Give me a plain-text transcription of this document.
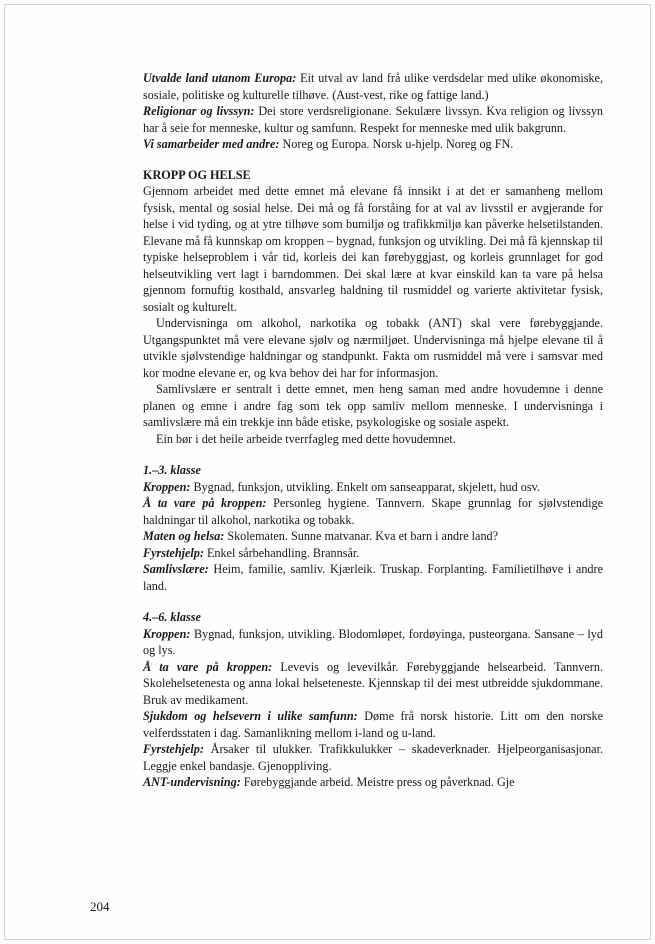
Utvalde land utanom Europa: Eit utval av land frå ulike verdsdelar med ulike økonomiske, sosiale, politiske og kulturelle tilhøve. (Aust-vest, rike og fattige land.)

Religionar og livssyn: Dei store verdsreligionane. Sekulære livssyn. Kva religion og livssyn har å seie for menneske, kultur og samfunn. Respekt for menneske med ulik bakgrunn.

Vi samarbeider med andre: Noreg og Europa. Norsk u-hjelp. Noreg og FN.

KROPP OG HELSE

Gjennom arbeidet med dette emnet må elevane få innsikt i at det er samanheng mellom fysisk, mental og sosial helse. Dei må og få forståing for at val av livsstil er avgjerande for helse i vid tyding, og at ytre tilhøve som bumiljø og trafikkmiljø kan påverke helsetilstanden. Elevane må få kunnskap om kroppen – bygnad, funksjon og utvikling. Dei må få kjennskap til typiske helseproblem i vår tid, korleis dei kan førebyggjast, og korleis grunnlaget for god helseutvikling vert lagt i barndommen. Dei skal lære at kvar einskild kan ta vare på helsa gjennom fornuftig kosthald, ansvarleg haldning til rusmiddel og varierte aktivitetar fysisk, sosialt og kulturelt.

Undervisninga om alkohol, narkotika og tobakk (ANT) skal vere førebyggjande. Utgangspunktet må vere elevane sjølv og nærmiljøet. Undervisninga må hjelpe elevane til å utvikle sjølvstendige haldningar og standpunkt. Fakta om rusmiddel må vere i samsvar med kor modne elevane er, og kva behov dei har for informasjon.

Samlivslære er sentralt i dette emnet, men heng saman med andre hovudemne i denne planen og emne i andre fag som tek opp samliv mellom menneske. I undervisninga i samlivslære må ein trekkje inn både etiske, psykologiske og sosiale aspekt.

Ein bør i det heile arbeide tverrfagleg med dette hovudemnet.

1.–3. klasse

Kroppen: Bygnad, funksjon, utvikling. Enkelt om sanseapparat, skjelett, hud osv.

Å ta vare på kroppen: Personleg hygiene. Tannvern. Skape grunnlag for sjølvstendige haldningar til alkohol, narkotika og tobakk.

Maten og helsa: Skolematen. Sunne matvanar. Kva et barn i andre land?

Fyrstehjelp: Enkel sårbehandling. Brannsår.

Samlivslære: Heim, familie, samliv. Kjærleik. Truskap. Forplanting. Familietilhøve i andre land.

4.–6. klasse

Kroppen: Bygnad, funksjon, utvikling. Blodomløpet, fordøyinga, pusteorgana. Sansane – lyd og lys.

Å ta vare på kroppen: Levevis og levevilkår. Førebyggjande helsearbeid. Tannvern. Skolehelsetenesta og anna lokal helseteneste. Kjennskap til dei mest utbreidde sjukdommane. Bruk av medikament.

Sjukdom og helsevern i ulike samfunn: Døme frå norsk historie. Litt om den norske velferdsstaten i dag. Samanlikning mellom i-land og u-land.

Fyrstehjelp: Årsaker til ulukker. Trafikkulukker – skadeverknader. Hjelpeorganisasjonar. Leggje enkel bandasje. Gjenoppliving.

ANT-undervisning: Førebyggjande arbeid. Meistre press og påverknad. Gje

204
